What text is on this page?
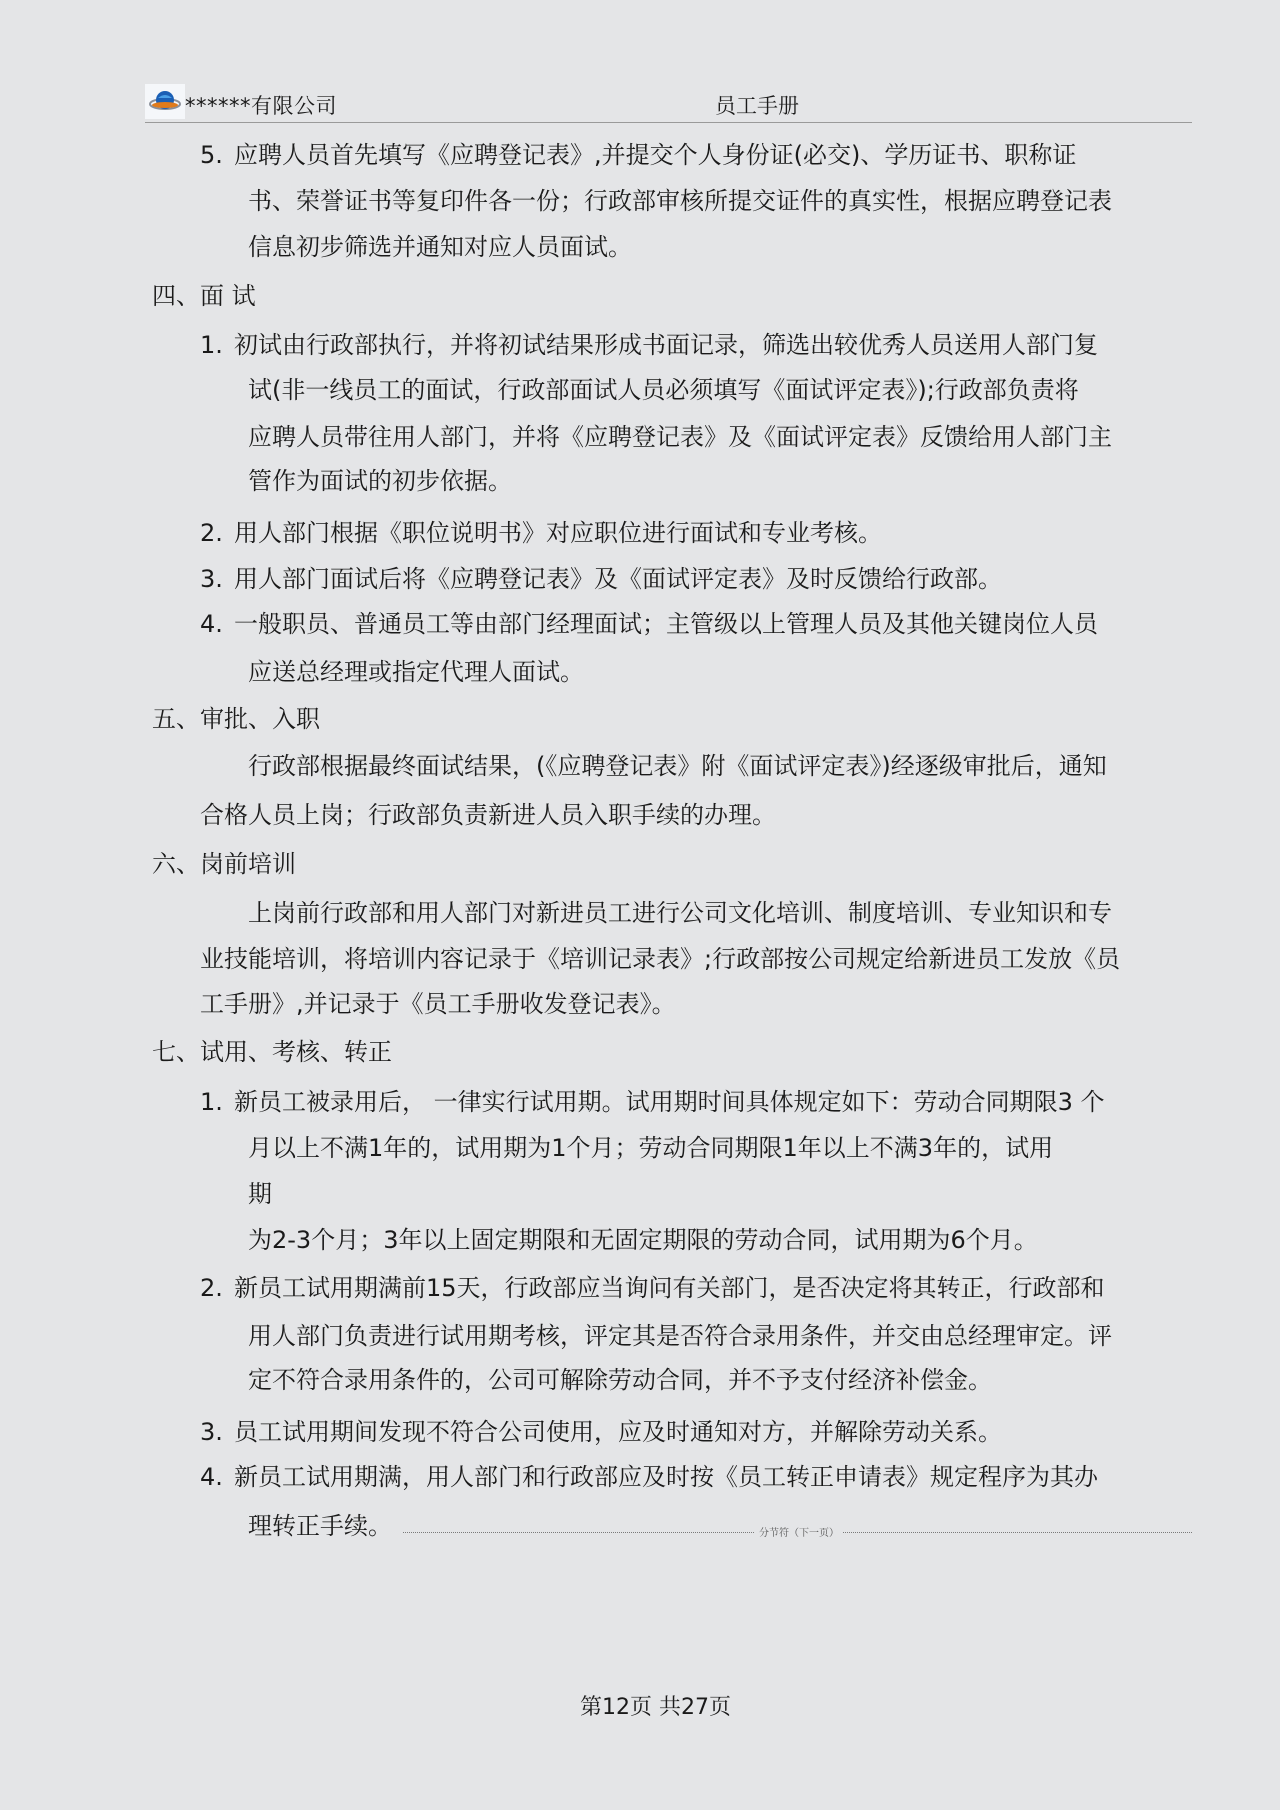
******有限公司	员工手册
5. 应聘人员首先填写《应聘登记表》,并提交个人身份证(必交)、学历证书、职称证
书、荣誉证书等复印件各一份；行政部审核所提交证件的真实性，根据应聘登记表
信息初步筛选并通知对应人员面试。
四、面 试
1. 初试由行政部执行，并将初试结果形成书面记录，筛选出较优秀人员送用人部门复
试(非一线员工的面试，行政部面试人员必须填写《面试评定表》);行政部负责将
应聘人员带往用人部门，并将《应聘登记表》及《面试评定表》反馈给用人部门主
管作为面试的初步依据。
2. 用人部门根据《职位说明书》对应职位进行面试和专业考核。
3. 用人部门面试后将《应聘登记表》及《面试评定表》及时反馈给行政部。
4. 一般职员、普通员工等由部门经理面试；主管级以上管理人员及其他关键岗位人员
应送总经理或指定代理人面试。
五、审批、入职
行政部根据最终面试结果，(《应聘登记表》附《面试评定表》)经逐级审批后，通知
合格人员上岗；行政部负责新进人员入职手续的办理。
六、岗前培训
上岗前行政部和用人部门对新进员工进行公司文化培训、制度培训、专业知识和专
业技能培训，将培训内容记录于《培训记录表》;行政部按公司规定给新进员工发放《员
工手册》,并记录于《员工手册收发登记表》。
七、试用、考核、转正
1. 新员工被录用后， 一律实行试用期。试用期时间具体规定如下：劳动合同期限3 个
月以上不满1年的，试用期为1个月；劳动合同期限1年以上不满3年的，试用
期
为2-3个月；3年以上固定期限和无固定期限的劳动合同，试用期为6个月。
2. 新员工试用期满前15天，行政部应当询问有关部门，是否决定将其转正，行政部和
用人部门负责进行试用期考核，评定其是否符合录用条件，并交由总经理审定。评
定不符合录用条件的，公司可解除劳动合同，并不予支付经济补偿金。
3. 员工试用期间发现不符合公司使用，应及时通知对方，并解除劳动关系。
4. 新员工试用期满，用人部门和行政部应及时按《员工转正申请表》规定程序为其办
理转正手续。	分节符（下一页）
第12页 共27页
